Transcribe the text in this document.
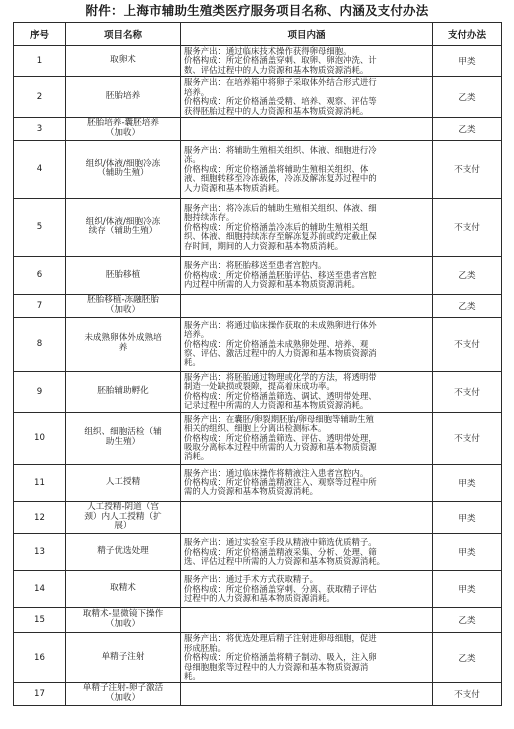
附件：上海市辅助生殖类医疗服务项目名称、内涵及支付办法
序号	项目名称	项目内涵	支付办法
1	取卵术	服务产出：通过临床技术操作获得卵母细胞。
价格构成：所定价格涵盖穿刺、取卵、卵泡冲洗、计
数、评估过程中的人力资源和基本物质资源消耗。	甲类
2	胚胎培养	服务产出：在培养箱中将卵子采取体外结合形式进行
培养。
价格构成：所定价格涵盖受精、培养、观察、评估等
获得胚胎过程中的人力资源和基本物质资源消耗。	乙类
3	胚胎培养-囊胚培养
（加收）		乙类
4	组织/体液/细胞冷冻
（辅助生殖）	服务产出：将辅助生殖相关组织、体液、细胞进行冷
冻。
价格构成：所定价格涵盖将辅助生殖相关组织、体
液、细胞转移至冷冻载体，冷冻及解冻复苏过程中的
人力资源和基本物质消耗。	不支付
5	组织/体液/细胞冷冻
续存（辅助生殖）	服务产出：将冷冻后的辅助生殖相关组织、体液、细
胞持续冻存。
价格构成：所定价格涵盖冷冻后的辅助生殖相关组
织、体液、细胞持续冻存至解冻复苏前或约定截止保
存时间，期间的人力资源和基本物质消耗。	不支付
6	胚胎移植	服务产出：将胚胎移送至患者宫腔内。
价格构成：所定价格涵盖胚胎评估、移送至患者宫腔
内过程中所需的人力资源和基本物质资源消耗。	乙类
7	胚胎移植-冻融胚胎
（加收）		乙类
8	未成熟卵体外成熟培
养	服务产出：将通过临床操作获取的未成熟卵进行体外
培养。
价格构成：所定价格涵盖未成熟卵处理、培养、观
察、评估、激活过程中的人力资源和基本物质资源消
耗。	不支付
9	胚胎辅助孵化	服务产出：将胚胎通过物理或化学的方法，将透明带
制造一处缺损或裂隙，提高着床成功率。
价格构成：所定价格涵盖筛选、调试、透明带处理、
记录过程中所需的人力资源和基本物质资源消耗。	不支付
10	组织、细胞活检（辅
助生殖）	服务产出：在囊胚/卵裂期胚胎/卵母细胞等辅助生殖
相关的组织、细胞上分离出检测标本。
价格构成：所定价格涵盖筛选、评估、透明带处理，
吸取分离标本过程中所需的人力资源和基本物质资源
消耗。	不支付
11	人工授精	服务产出：通过临床操作将精液注入患者宫腔内。
价格构成：所定价格涵盖精液注入、观察等过程中所
需的人力资源和基本物质资源消耗。	甲类
12	人工授精-阴道（宫
颈）内人工授精（扩
展）		甲类
13	精子优选处理	服务产出：通过实验室手段从精液中筛选优质精子。
价格构成：所定价格涵盖精液采集、分析、处理、筛
选、评估过程中所需的人力资源和基本物质资源消耗。	甲类
14	取精术	服务产出：通过手术方式获取精子。
价格构成：所定价格涵盖穿刺、分离、获取精子评估
过程中的人力资源和基本物质资源消耗。	甲类
15	取精术-显微镜下操作
（加收）		乙类
16	单精子注射	服务产出：将优选处理后精子注射进卵母细胞，促进
形成胚胎。
价格构成：所定价格涵盖将精子制动、吸入，注入卵
母细胞胞浆等过程中的人力资源和基本物质资源消
耗。	乙类
17	单精子注射-卵子激活
（加收）		不支付
